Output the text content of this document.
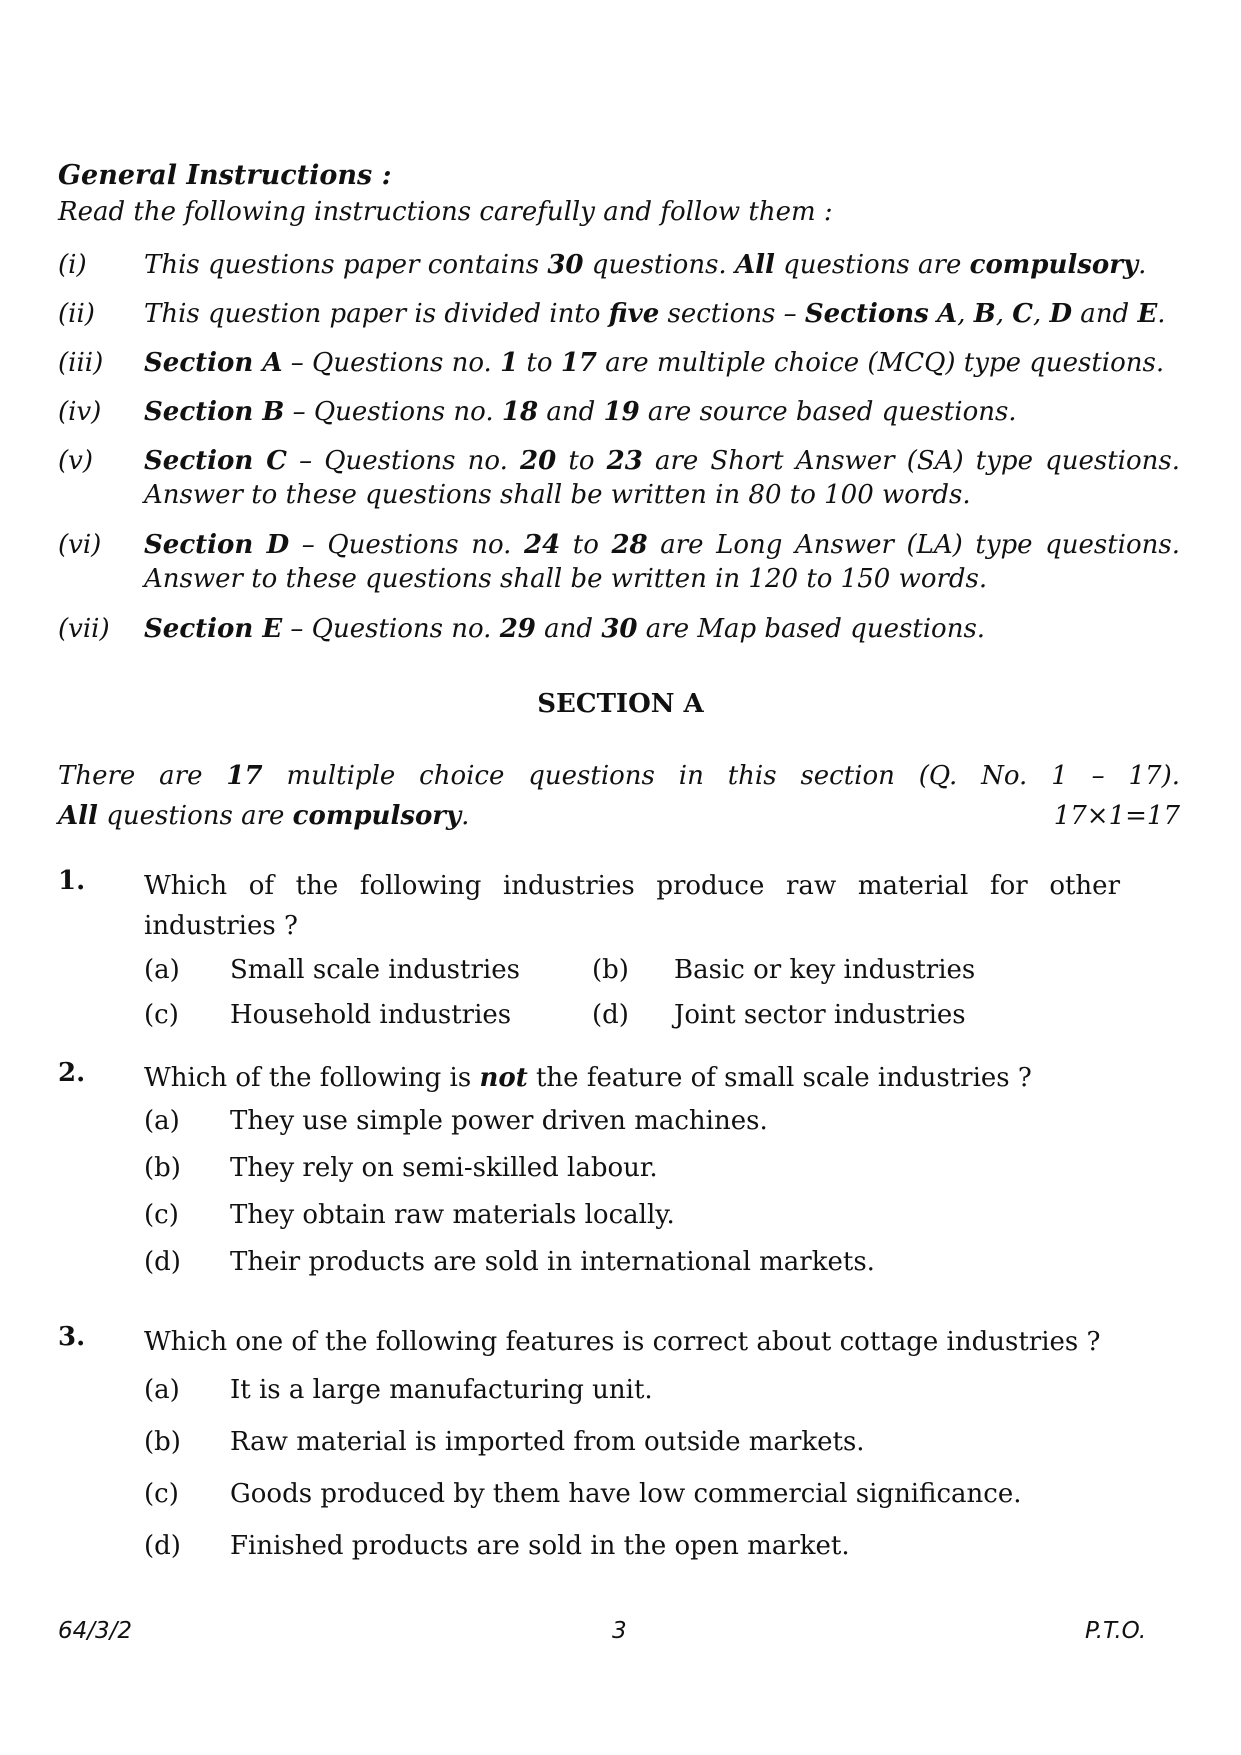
General Instructions :
Read the following instructions carefully and follow them :
(i) This questions paper contains 30 questions. All questions are compulsory.
(ii) This question paper is divided into five sections – Sections A, B, C, D and E.
(iii) Section A – Questions no. 1 to 17 are multiple choice (MCQ) type questions.
(iv) Section B – Questions no. 18 and 19 are source based questions.
(v) Section C – Questions no. 20 to 23 are Short Answer (SA) type questions. Answer to these questions shall be written in 80 to 100 words.
(vi) Section D – Questions no. 24 to 28 are Long Answer (LA) type questions. Answer to these questions shall be written in 120 to 150 words.
(vii) Section E – Questions no. 29 and 30 are Map based questions.
SECTION A
There are 17 multiple choice questions in this section (Q. No. 1 – 17).
All questions are compulsory.	17×1=17
1. Which of the following industries produce raw material for other industries ?
(a) Small scale industries	(b) Basic or key industries
(c) Household industries	(d) Joint sector industries
2. Which of the following is not the feature of small scale industries ?
(a) They use simple power driven machines.
(b) They rely on semi-skilled labour.
(c) They obtain raw materials locally.
(d) Their products are sold in international markets.
3. Which one of the following features is correct about cottage industries ?
(a) It is a large manufacturing unit.
(b) Raw material is imported from outside markets.
(c) Goods produced by them have low commercial significance.
(d) Finished products are sold in the open market.
64/3/2	3	P.T.O.
